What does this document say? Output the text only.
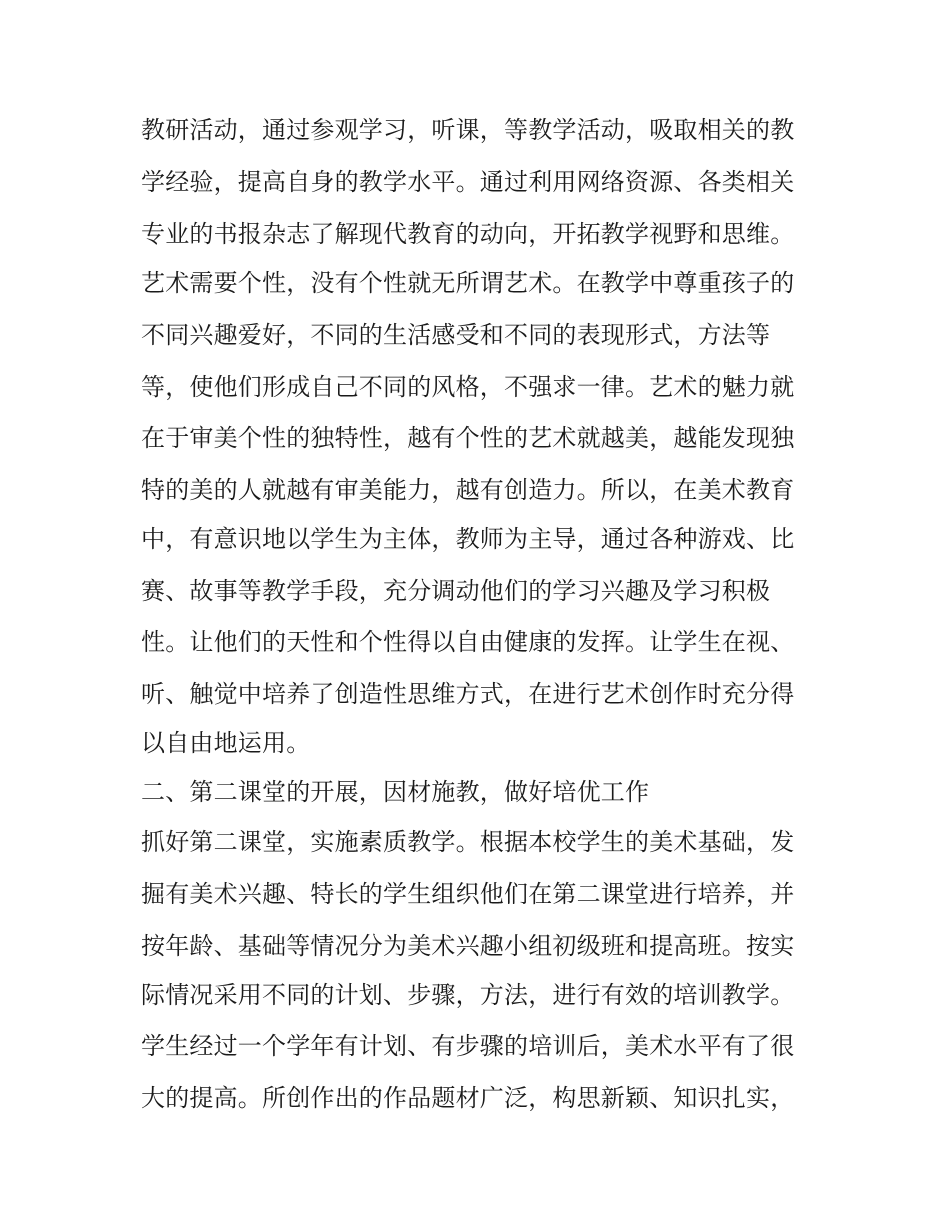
教研活动，通过参观学习，听课，等教学活动，吸取相关的教
学经验，提高自身的教学水平。通过利用网络资源、各类相关
专业的书报杂志了解现代教育的动向，开拓教学视野和思维。
艺术需要个性，没有个性就无所谓艺术。在教学中尊重孩子的
不同兴趣爱好，不同的生活感受和不同的表现形式，方法等
等，使他们形成自己不同的风格，不强求一律。艺术的魅力就
在于审美个性的独特性，越有个性的艺术就越美，越能发现独
特的美的人就越有审美能力，越有创造力。所以，在美术教育
中，有意识地以学生为主体，教师为主导，通过各种游戏、比
赛、故事等教学手段，充分调动他们的学习兴趣及学习积极
性。让他们的天性和个性得以自由健康的发挥。让学生在视、
听、触觉中培养了创造性思维方式，在进行艺术创作时充分得
以自由地运用。
二、第二课堂的开展，因材施教，做好培优工作
抓好第二课堂，实施素质教学。根据本校学生的美术基础，发
掘有美术兴趣、特长的学生组织他们在第二课堂进行培养，并
按年龄、基础等情况分为美术兴趣小组初级班和提高班。按实
际情况采用不同的计划、步骤，方法，进行有效的培训教学。
学生经过一个学年有计划、有步骤的培训后，美术水平有了很
大的提高。所创作出的作品题材广泛，构思新颖、知识扎实，
